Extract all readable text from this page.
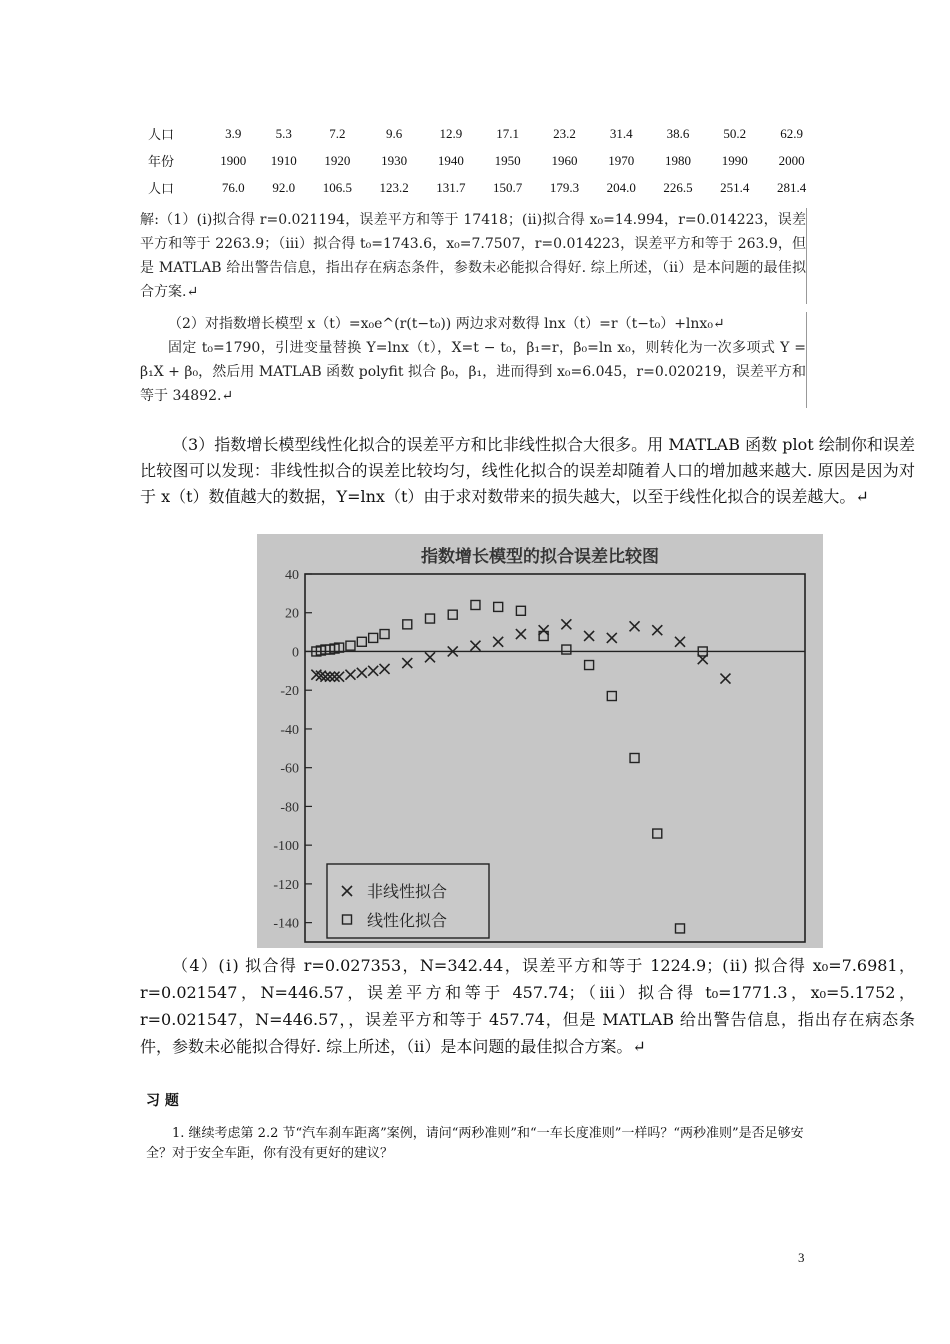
人口	3.9	5.3	7.2	9.6	12.9	17.1	23.2	31.4	38.6	50.2	62.9
年份	1900	1910	1920	1930	1940	1950	1960	1970	1980	1990	2000
人口	76.0	92.0	106.5	123.2	131.7	150.7	179.3	204.0	226.5	251.4	281.4

解:（1）(ⅰ)拟合得 r=0.021194，误差平方和等于 17418；(ⅱ)拟合得 x₀=14.994，r=0.014223，误差平方和等于 2263.9；（ⅲ）拟合得 t₀=1743.6，x₀=7.7507，r=0.014223，误差平方和等于 263.9，但是 MATLAB 给出警告信息，指出存在病态条件，参数未必能拟合得好. 综上所述，（ⅱ）是本问题的最佳拟合方案.↵

（2）对指数增长模型 x（t）=x₀e^(r(t−t₀)) 两边求对数得 lnx（t）=r（t−t₀）+lnx₀↵

固定 t₀=1790，引进变量替换 Y=lnx（t），X=t − t₀，β₁=r，β₀=ln x₀，则转化为一次多项式 Y = β₁X + β₀，然后用 MATLAB 函数 polyfit 拟合 β₀，β₁，进而得到 x₀=6.045，r=0.020219，误差平方和等于 34892.↵

（3）指数增长模型线性化拟合的误差平方和比非线性拟合大很多。用 MATLAB 函数 plot 绘制你和误差比较图可以发现：非线性拟合的误差比较均匀，线性化拟合的误差却随着人口的增加越来越大. 原因是因为对于 x（t）数值越大的数据，Y=lnx（t）由于求对数带来的损失越大，以至于线性化拟合的误差越大。↵

指数增长模型的拟合误差比较图
40
20
0
-20
-40
-60
-80
-100
-120
-140
非线性拟合
线性化拟合

（4）(ⅰ) 拟合得 r=0.027353，N=342.44，误差平方和等于 1224.9；(ⅱ) 拟合得 x₀=7.6981，r=0.021547，N=446.57，误差平方和等于 457.74；（ⅲ）拟合得 t₀=1771.3，x₀=5.1752，r=0.021547，N=446.57，，误差平方和等于 457.74，但是 MATLAB 给出警告信息，指出存在病态条件，参数未必能拟合得好. 综上所述，（ⅱ）是本问题的最佳拟合方案。↵

习 题

1. 继续考虑第 2.2 节“汽车刹车距离”案例，请问“两秒准则”和“一车长度准则”一样吗？“两秒准则”是否足够安全？对于安全车距，你有没有更好的建议？

3
